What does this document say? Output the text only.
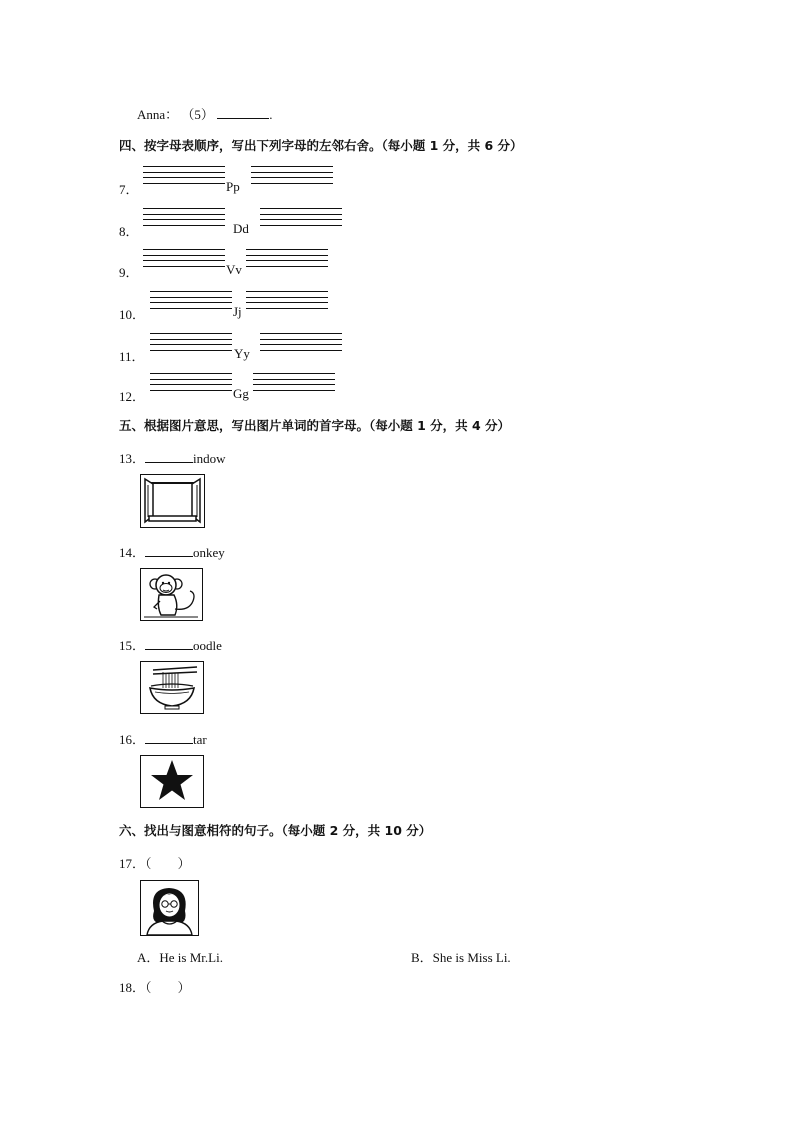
Anna： （5）	.
四、按字母表顺序，写出下列字母的左邻右舍。（每小题 1 分，共 6 分）
7．	Pp
8．	Dd
9．	Vv
10．	Jj
11．	Yy
12．	Gg
五、根据图片意思，写出图片单词的首字母。（每小题 1 分，共 4 分）
13．	indow
14．	onkey
15．	oodle
16．	tar
六、找出与图意相符的句子。（每小题 2 分，共 10 分）
17．（　　）
A．He is Mr.Li.	B．She is Miss Li.
18．（　　）
